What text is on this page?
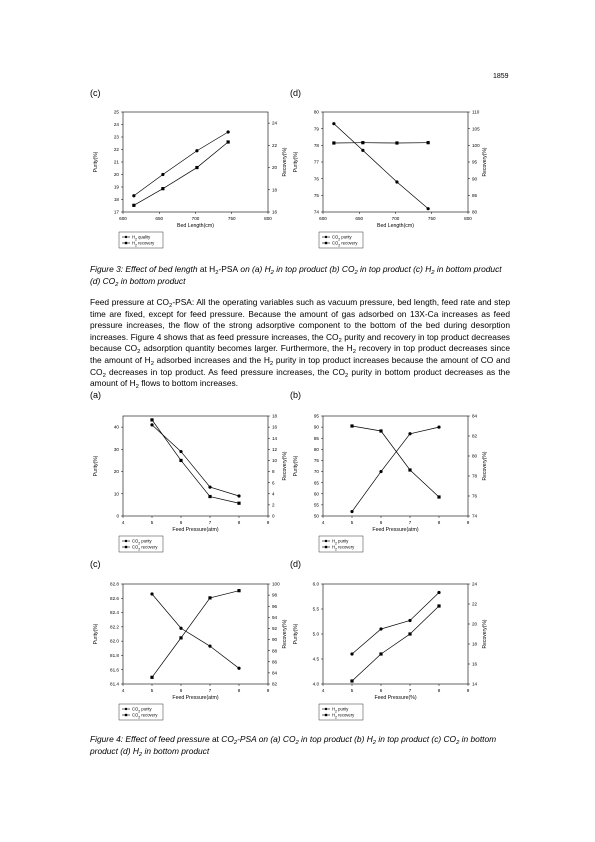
1859
(c)	(d)
600	650	700	750	800
17
18
19
20
21
22
23
24
25
16
18
20
22
24
Bed Length(cm)
Purity(%)	Recovery(%)
$H_2$ quality
$H_2$ recovery
600	650	700	750	800
74
75
76
77
78
79
80
80
85
90
95
100
105
110
Bed Length(cm)
Purity(%)	Recovery(%)
$CO_2$ purity
$CO_2$ recovery
Figure 3: Effect of bed length at $H_2$-PSA on (a) $H_2$ in top product (b) $CO_2$ in top product (c) $H_2$ in bottom product (d) $CO_2$ in bottom product
Feed pressure at $CO_2$-PSA: All the operating variables such as vacuum pressure, bed length, feed rate and step time are fixed, except for feed pressure. Because the amount of gas adsorbed on 13X-Ca increases as feed pressure increases, the flow of the strong adsorptive component to the bottom of the bed during desorption increases. Figure 4 shows that as feed pressure increases, the $CO_2$ purity and recovery in top product decreases because $CO_2$ adsorption quantity becomes larger. Furthermore, the $H_2$ recovery in top product decreases since the amount of $H_2$ adsorbed increases and the $H_2$ purity in top product increases because the amount of CO and $CO_2$ decreases in top product. As feed pressure increases, the $CO_2$ purity in bottom product decreases as the amount of $H_2$ flows to bottom increases.
(a)	(b)
(c)	(d)
4	5	6	7	8	9
0
10
20
30
40
0
2
4
6
8
10
12
14
16
18
Feed Pressure(atm)
Purity(%)	Recovery(%)
$CO_2$ purity
$CO_2$ recovery
4	5	6	7	8	9
50
55
60
65
70
75
80
85
90
95
74
76
78
80
82
84
Feed Pressure(atm)
Purity(%)	Recovery(%)
$H_2$ purity
$H_2$ recovery
4	5	6	7	8	9
81.4
81.6
81.8
82.0
82.2
82.4
82.6
82.8
82
84
86
88
90
92
94
96
98
100
Feed Pressure(atm)
Purity(%)	Recovery(%)
$CO_2$ purity
$CO_2$ recovery
4	5	6	7	8	9
4.0
4.5
5.0
5.5
6.0
14
16
18
20
22
24
Feed Pressure(%)
Purity(%)	Recovery(%)
$H_2$ purity
$H_2$ recovery
Figure 4: Effect of feed pressure at $CO_2$-PSA on (a) $CO_2$ in top product (b) $H_2$ in top product (c) $CO_2$ in bottom product (d) $H_2$ in bottom product
